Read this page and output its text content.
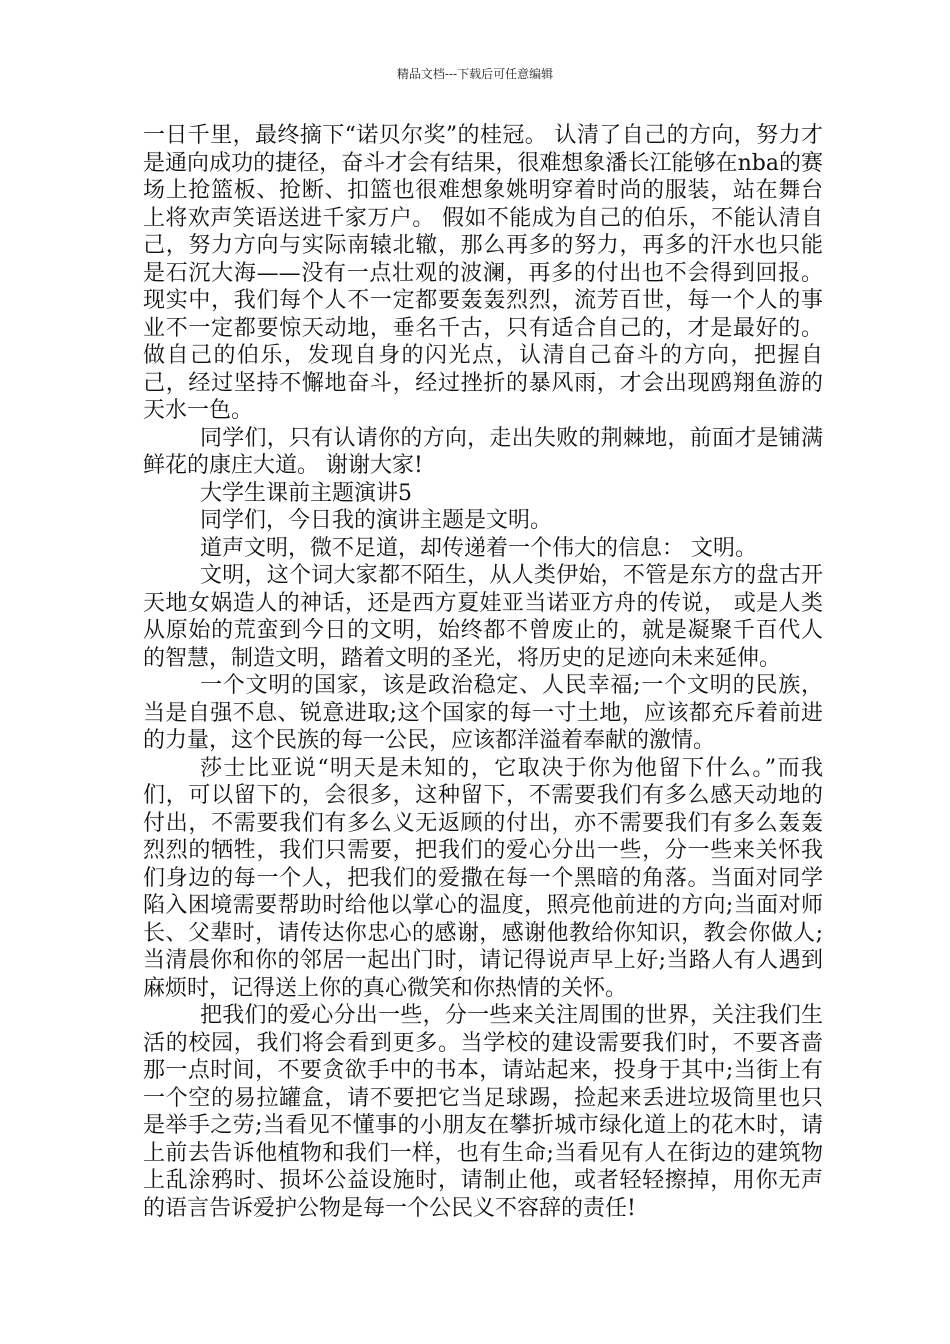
精品文档---下载后可任意编辑

一日千里，最终摘下“诺贝尔奖”的桂冠。 认清了自己的方向，努力才是通向成功的捷径，奋斗才会有结果，很难想象潘长江能够在nba的赛场上抢篮板、抢断、扣篮也很难想象姚明穿着时尚的服装，站在舞台上将欢声笑语送进千家万户。 假如不能成为自己的伯乐，不能认清自己，努力方向与实际南辕北辙，那么再多的努力，再多的汗水也只能是石沉大海——没有一点壮观的波澜，再多的付出也不会得到回报。现实中，我们每个人不一定都要轰轰烈烈，流芳百世，每一个人的事业不一定都要惊天动地，垂名千古，只有适合自己的，才是最好的。 做自己的伯乐，发现自身的闪光点，认清自己奋斗的方向，把握自己，经过坚持不懈地奋斗，经过挫折的暴风雨，才会出现鸥翔鱼游的天水一色。

同学们，只有认请你的方向，走出失败的荆棘地，前面才是铺满鲜花的康庄大道。 谢谢大家!

大学生课前主题演讲5

同学们，今日我的演讲主题是文明。

道声文明，微不足道，却传递着一个伟大的信息： 文明。

文明，这个词大家都不陌生，从人类伊始，不管是东方的盘古开天地女娲造人的神话，还是西方夏娃亚当诺亚方舟的传说， 或是人类从原始的荒蛮到今日的文明，始终都不曾废止的，就是凝聚千百代人的智慧，制造文明，踏着文明的圣光，将历史的足迹向未来延伸。

一个文明的国家，该是政治稳定、人民幸福;一个文明的民族，当是自强不息、锐意进取;这个国家的每一寸土地，应该都充斥着前进的力量，这个民族的每一公民，应该都洋溢着奉献的激情。

莎士比亚说“明天是未知的，它取决于你为他留下什么。”而我们，可以留下的，会很多，这种留下，不需要我们有多么感天动地的付出，不需要我们有多么义无返顾的付出，亦不需要我们有多么轰轰烈烈的牺牲，我们只需要，把我们的爱心分出一些，分一些来关怀我们身边的每一个人，把我们的爱撒在每一个黑暗的角落。当面对同学陷入困境需要帮助时给他以掌心的温度，照亮他前进的方向;当面对师长、父辈时，请传达你忠心的感谢，感谢他教给你知识，教会你做人;当清晨你和你的邻居一起出门时，请记得说声早上好;当路人有人遇到麻烦时，记得送上你的真心微笑和你热情的关怀。

把我们的爱心分出一些，分一些来关注周围的世界，关注我们生活的校园，我们将会看到更多。当学校的建设需要我们时，不要吝啬那一点时间，不要贪欲手中的书本，请站起来，投身于其中;当街上有一个空的易拉罐盒，请不要把它当足球踢，捡起来丢进垃圾筒里也只是举手之劳;当看见不懂事的小朋友在攀折城市绿化道上的花木时，请上前去告诉他植物和我们一样，也有生命;当看见有人在街边的建筑物上乱涂鸦时、损坏公益设施时，请制止他，或者轻轻擦掉，用你无声的语言告诉爱护公物是每一个公民义不容辞的责任!
